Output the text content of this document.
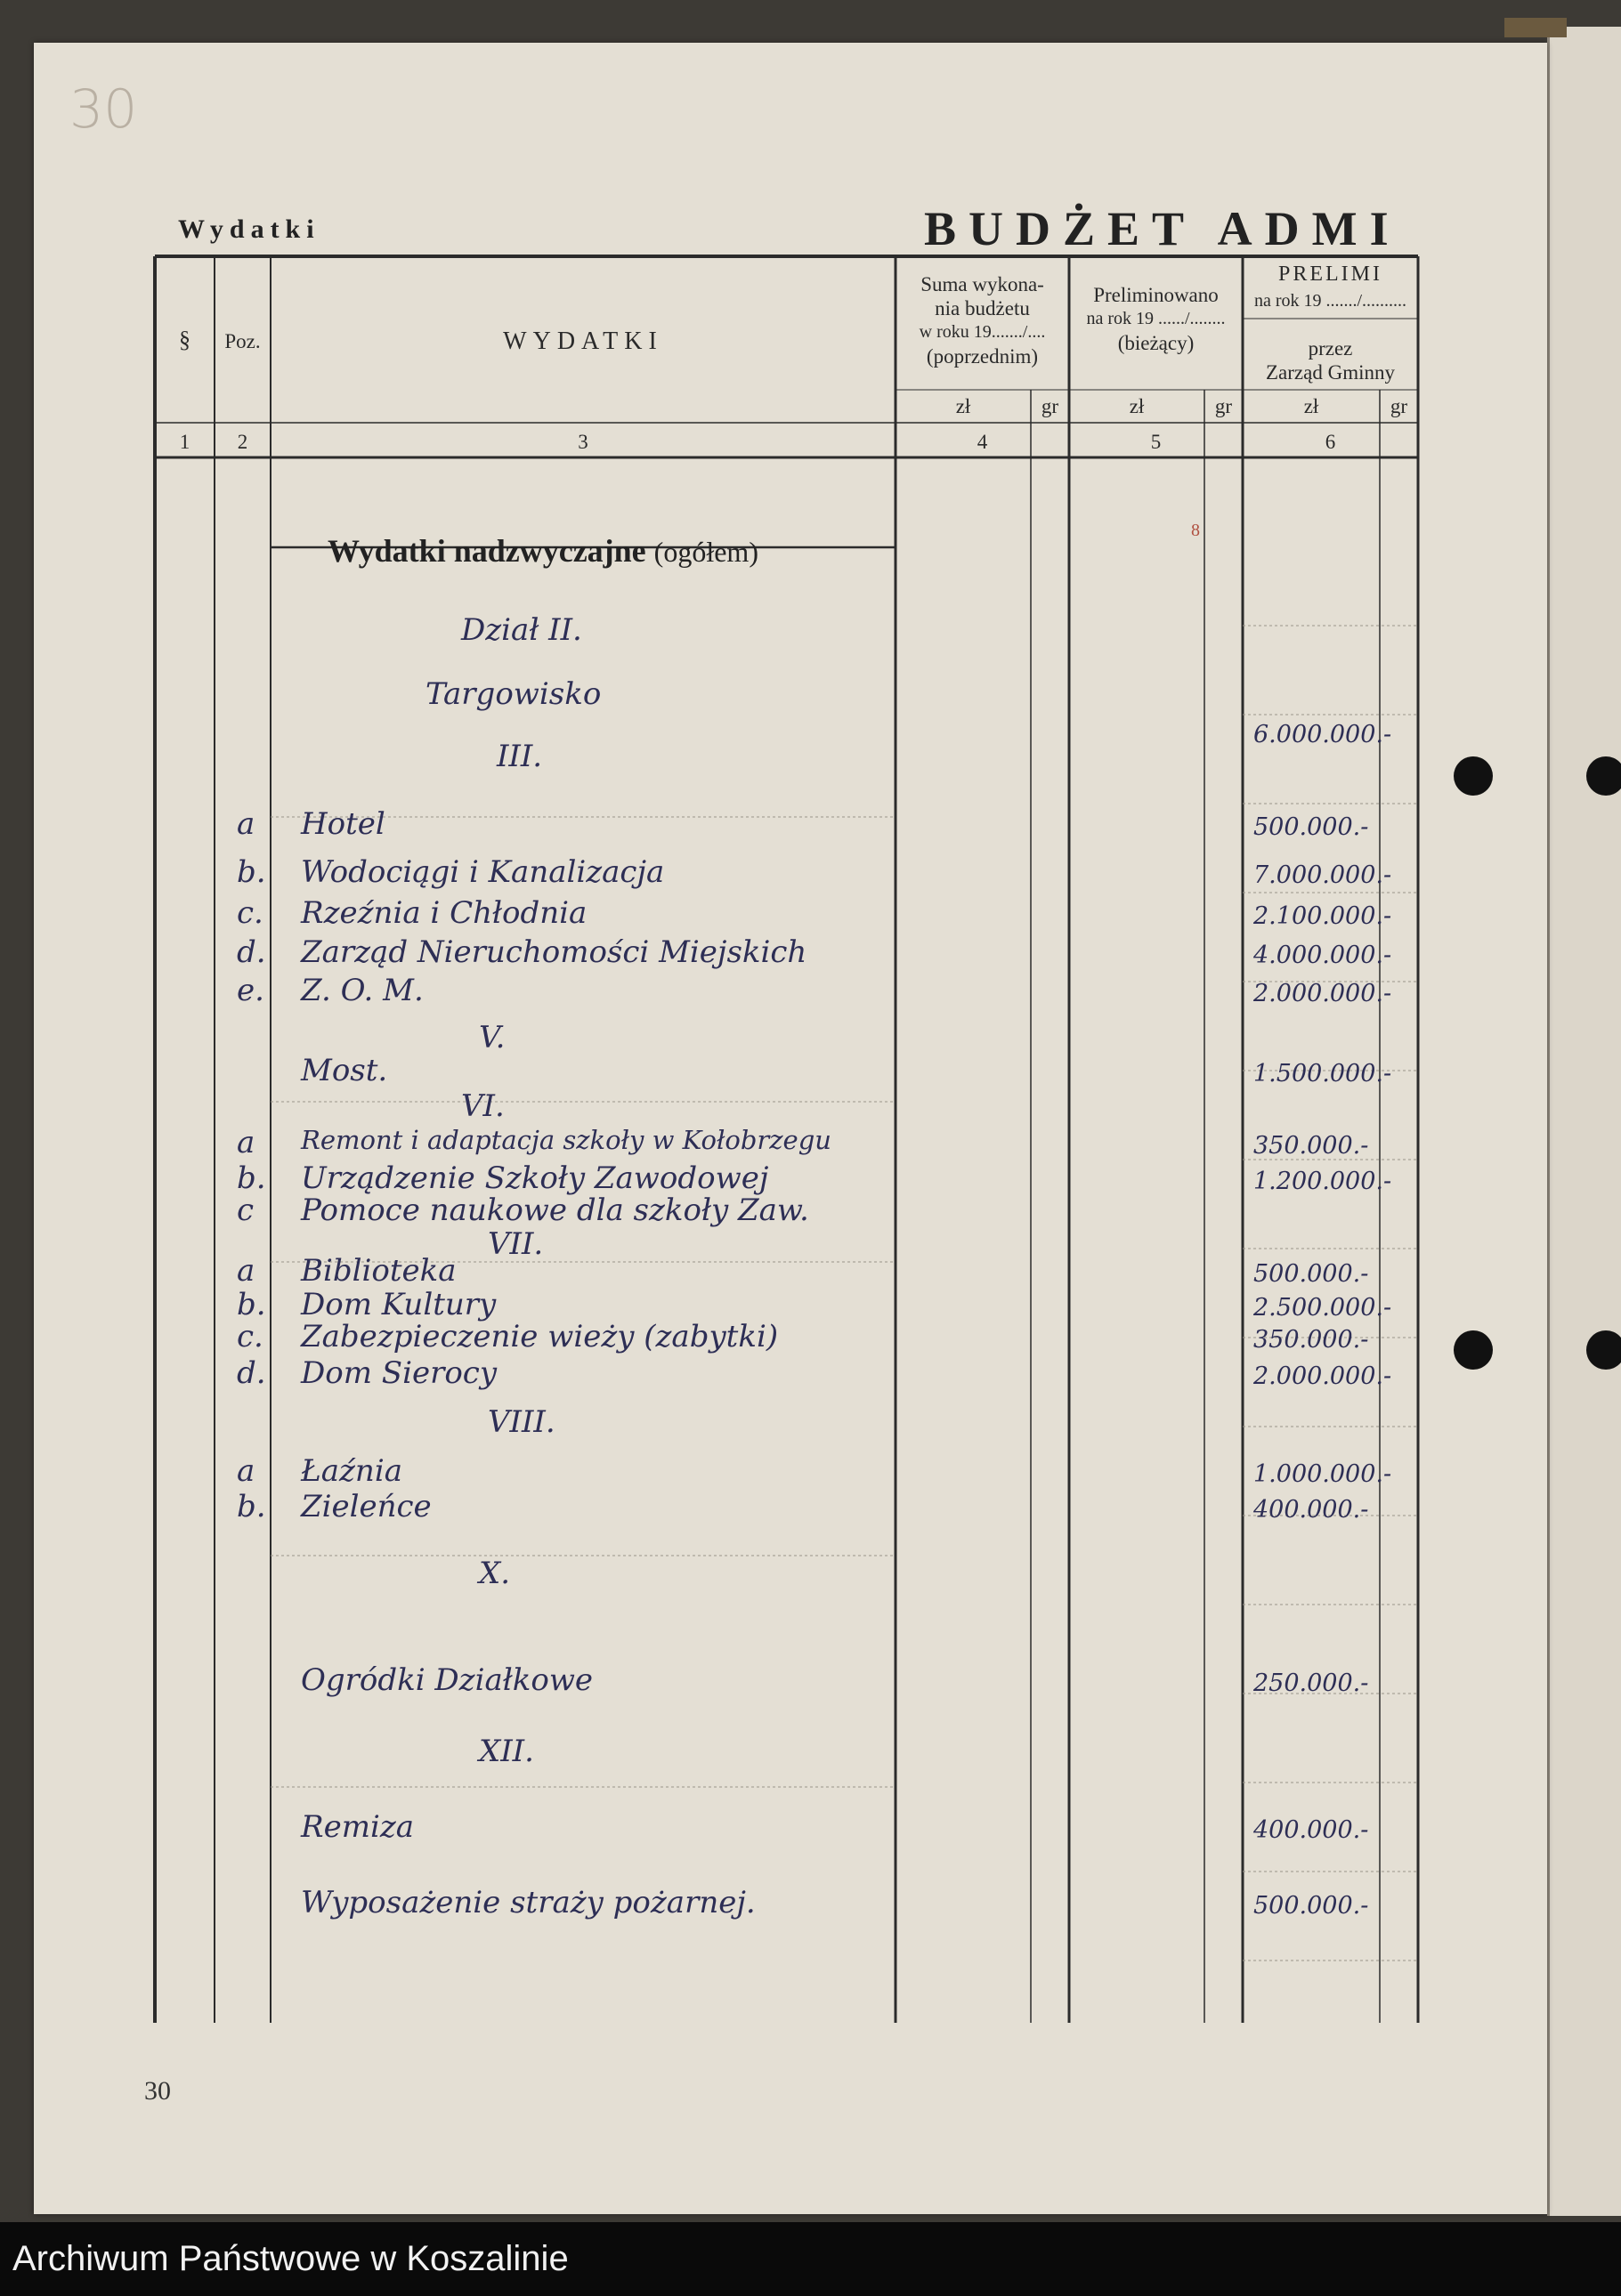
30
Wydatki	BUDŻET ADMI
§	Poz.	WYDATKI
Suma wykona-
nia budżetu
w roku 19......./....
(poprzednim)
Preliminowano
na rok 19 ....../........
(bieżący)
PRELIMI
na rok 19 ......./..........
przez
Zarząd Gminny
zł	gr	zł	gr	zł	gr
1	2	3	4	5	6
Wydatki nadzwyczajne (ogółem)
8
Dział II.
Targowisko
6.000.000.-
III.
a Hotel	500.000.-
b. Wodociągi i Kanalizacja	7.000.000.-
c. Rzeźnia i Chłodnia	2.100.000.-
d. Zarząd Nieruchomości Miejskich	4.000.000.-
e. Z. O. M.	2.000.000.-
V.
Most.	1.500.000.-
VI.
a Remont i adaptacja szkoły w Kołobrzegu	350.000.-
b. Urządzenie Szkoły Zawodowej	1.200.000.-
c Pomoce naukowe dla szkoły Zaw.
VII.
a Biblioteka	500.000.-
b. Dom Kultury	2.500.000.-
c. Zabezpieczenie wieży (zabytki)	350.000.-
d. Dom Sierocy	2.000.000.-
VIII.
a Łaźnia	1.000.000.-
b. Zieleńce	400.000.-
X.
Ogródki Działkowe	250.000.-
XII.
Remiza	400.000.-
Wyposażenie straży pożarnej.	500.000.-
30
Archiwum Państwowe w Koszalinie
